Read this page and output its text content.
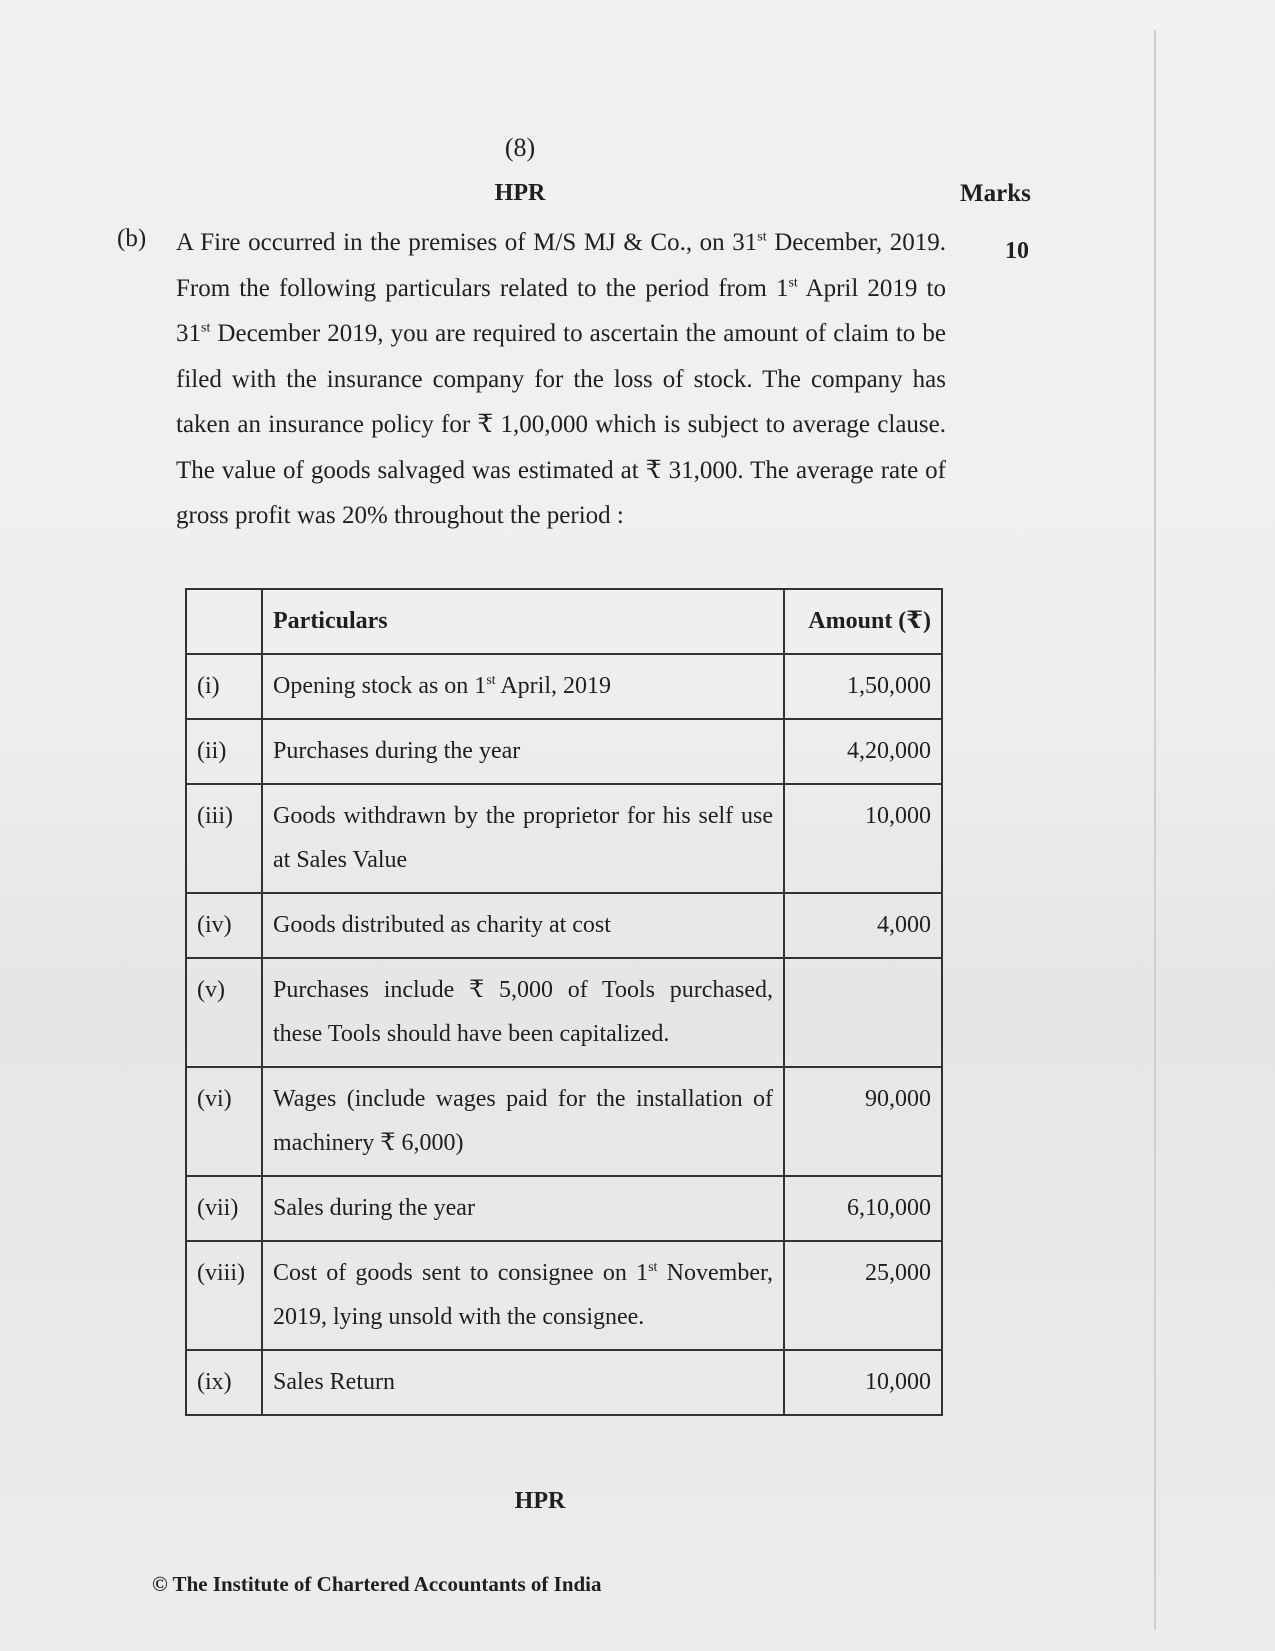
(8)
HPR	Marks
(b)	10

A Fire occurred in the premises of M/S MJ & Co., on 31st December, 2019. From the following particulars related to the period from 1st April 2019 to 31st December 2019, you are required to ascertain the amount of claim to be filed with the insurance company for the loss of stock. The company has taken an insurance policy for ₹ 1,00,000 which is subject to average clause. The value of goods salvaged was estimated at ₹ 31,000. The average rate of gross profit was 20% throughout the period :

	Particulars	Amount (₹)
(i)	Opening stock as on 1st April, 2019	1,50,000
(ii)	Purchases during the year	4,20,000
(iii)	Goods withdrawn by the proprietor for his self use at Sales Value	10,000
(iv)	Goods distributed as charity at cost	4,000
(v)	Purchases include ₹ 5,000 of Tools purchased, these Tools should have been capitalized.	
(vi)	Wages (include wages paid for the installation of machinery ₹ 6,000)	90,000
(vii)	Sales during the year	6,10,000
(viii)	Cost of goods sent to consignee on 1st November, 2019, lying unsold with the consignee.	25,000
(ix)	Sales Return	10,000
HPR
© The Institute of Chartered Accountants of India
